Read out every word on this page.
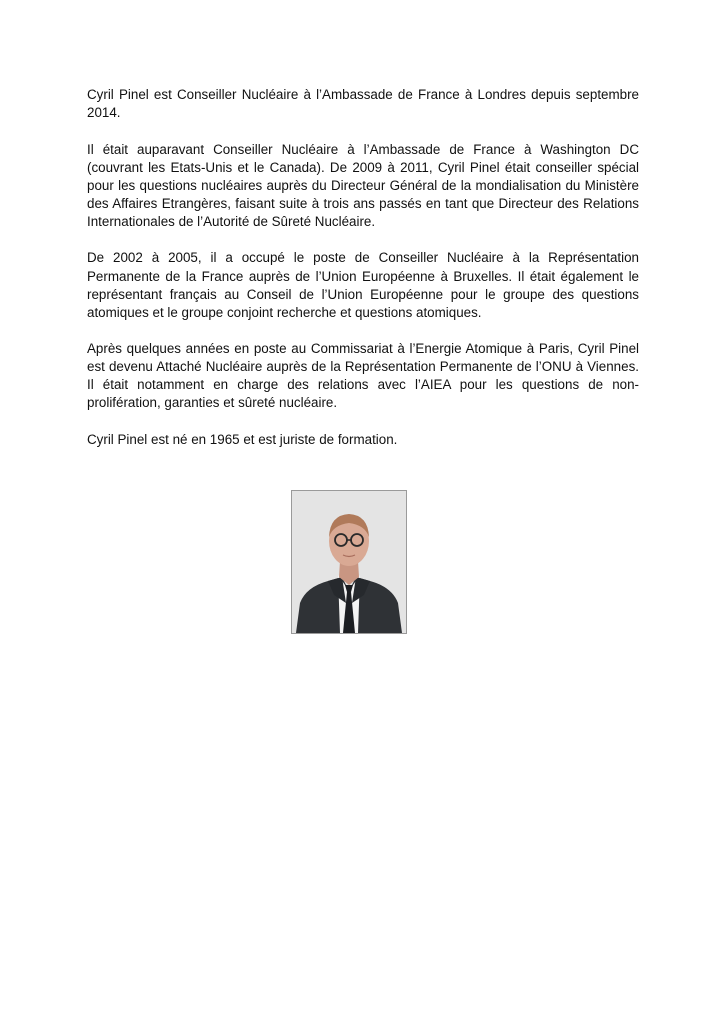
Cyril Pinel est Conseiller Nucléaire à l’Ambassade de France à Londres depuis septembre 2014.

Il était auparavant Conseiller Nucléaire à l’Ambassade de France à Washington DC (couvrant les Etats-Unis et le Canada). De 2009 à 2011, Cyril Pinel était conseiller spécial pour les questions nucléaires auprès du Directeur Général de la mondialisation du Ministère des Affaires Etrangères, faisant suite à trois ans passés en tant que Directeur des Relations Internationales de l’Autorité de Sûreté Nucléaire.

De 2002 à 2005, il a occupé le poste de Conseiller Nucléaire à la Représentation Permanente de la France auprès de l’Union Européenne à Bruxelles. Il était également le représentant français au Conseil de l’Union Européenne pour le groupe des questions atomiques et le groupe conjoint recherche et questions atomiques.

Après quelques années en poste au Commissariat à l’Energie Atomique à Paris, Cyril Pinel est devenu Attaché Nucléaire auprès de la Représentation Permanente de l’ONU à Viennes. Il était notamment en charge des relations avec l’AIEA pour les questions de non-prolifération, garanties et sûreté nucléaire.

Cyril Pinel est né en 1965 et est juriste de formation.
